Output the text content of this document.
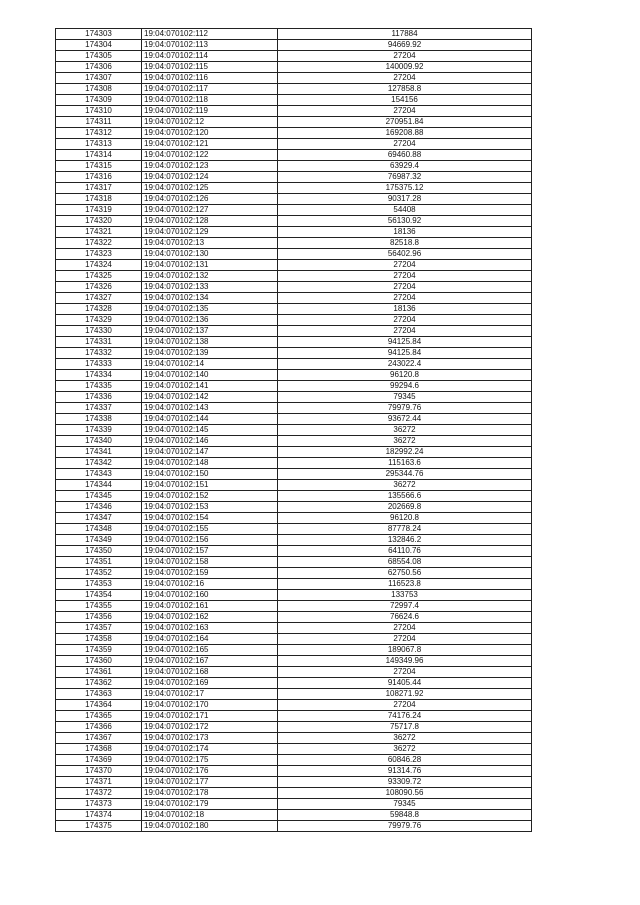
174303	19:04:070102:112	117884
174304	19:04:070102:113	94669.92
174305	19:04:070102:114	27204
174306	19:04:070102:115	140009.92
174307	19:04:070102:116	27204
174308	19:04:070102:117	127858.8
174309	19:04:070102:118	154156
174310	19:04:070102:119	27204
174311	19:04:070102:12	270951.84
174312	19:04:070102:120	169208.88
174313	19:04:070102:121	27204
174314	19:04:070102:122	69460.88
174315	19:04:070102:123	63929.4
174316	19:04:070102:124	76987.32
174317	19:04:070102:125	175375.12
174318	19:04:070102:126	90317.28
174319	19:04:070102:127	54408
174320	19:04:070102:128	56130.92
174321	19:04:070102:129	18136
174322	19:04:070102:13	82518.8
174323	19:04:070102:130	56402.96
174324	19:04:070102:131	27204
174325	19:04:070102:132	27204
174326	19:04:070102:133	27204
174327	19:04:070102:134	27204
174328	19:04:070102:135	18136
174329	19:04:070102:136	27204
174330	19:04:070102:137	27204
174331	19:04:070102:138	94125.84
174332	19:04:070102:139	94125.84
174333	19:04:070102:14	243022.4
174334	19:04:070102:140	96120.8
174335	19:04:070102:141	99294.6
174336	19:04:070102:142	79345
174337	19:04:070102:143	79979.76
174338	19:04:070102:144	93672.44
174339	19:04:070102:145	36272
174340	19:04:070102:146	36272
174341	19:04:070102:147	182992.24
174342	19:04:070102:148	115163.6
174343	19:04:070102:150	295344.76
174344	19:04:070102:151	36272
174345	19:04:070102:152	135566.6
174346	19:04:070102:153	202669.8
174347	19:04:070102:154	96120.8
174348	19:04:070102:155	87778.24
174349	19:04:070102:156	132846.2
174350	19:04:070102:157	64110.76
174351	19:04:070102:158	68554.08
174352	19:04:070102:159	62750.56
174353	19:04:070102:16	116523.8
174354	19:04:070102:160	133753
174355	19:04:070102:161	72997.4
174356	19:04:070102:162	76624.6
174357	19:04:070102:163	27204
174358	19:04:070102:164	27204
174359	19:04:070102:165	189067.8
174360	19:04:070102:167	149349.96
174361	19:04:070102:168	27204
174362	19:04:070102:169	91405.44
174363	19:04:070102:17	108271.92
174364	19:04:070102:170	27204
174365	19:04:070102:171	74176.24
174366	19:04:070102:172	75717.8
174367	19:04:070102:173	36272
174368	19:04:070102:174	36272
174369	19:04:070102:175	60846.28
174370	19:04:070102:176	91314.76
174371	19:04:070102:177	93309.72
174372	19:04:070102:178	108090.56
174373	19:04:070102:179	79345
174374	19:04:070102:18	59848.8
174375	19:04:070102:180	79979.76
